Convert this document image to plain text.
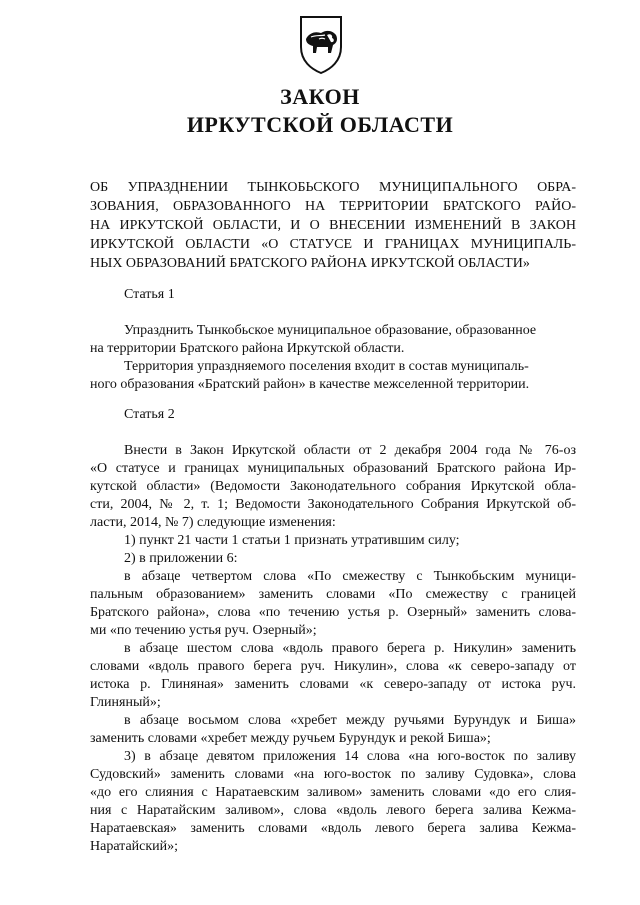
ЗАКОН
ИРКУТСКОЙ ОБЛАСТИ
ОБ УПРАЗДНЕНИИ ТЫНКОБЬСКОГО МУНИЦИПАЛЬНОГО ОБРА-
ЗОВАНИЯ, ОБРАЗОВАННОГО НА ТЕРРИТОРИИ БРАТСКОГО РАЙО-
НА ИРКУТСКОЙ ОБЛАСТИ, И О ВНЕСЕНИИ ИЗМЕНЕНИЙ В ЗАКОН
ИРКУТСКОЙ ОБЛАСТИ «О СТАТУСЕ И ГРАНИЦАХ МУНИЦИПАЛЬ-
НЫХ ОБРАЗОВАНИЙ БРАТСКОГО РАЙОНА ИРКУТСКОЙ ОБЛАСТИ»
Статья 1
Упразднить Тынкобьское муниципальное образование, образованное
на территории Братского района Иркутской области.
Территория упраздняемого поселения входит в состав муниципаль-
ного образования «Братский район» в качестве межселенной территории.
Статья 2
Внести в Закон Иркутской области от 2 декабря 2004 года № 76-оз
«О статусе и границах муниципальных образований Братского района Ир-
кутской области» (Ведомости Законодательного собрания Иркутской обла-
сти, 2004, № 2, т. 1; Ведомости Законодательного Собрания Иркутской об-
ласти, 2014, № 7) следующие изменения:
1) пункт 21 части 1 статьи 1 признать утратившим силу;
2) в приложении 6:
в абзаце четвертом слова «По смежеству с Тынкобьским муници-
пальным образованием» заменить словами «По смежеству с границей
Братского района», слова «по течению устья р. Озерный» заменить слова-
ми «по течению устья руч. Озерный»;
в абзаце шестом слова «вдоль правого берега р. Никулин» заменить
словами «вдоль правого берега руч. Никулин», слова «к северо-западу от
истока р. Глиняная» заменить словами «к северо-западу от истока руч.
Глиняный»;
в абзаце восьмом слова «хребет между ручьями Бурундук и Биша»
заменить словами «хребет между ручьем Бурундук и рекой Биша»;
3) в абзаце девятом приложения 14 слова «на юго-восток по заливу
Судовский» заменить словами «на юго-восток по заливу Судовка», слова
«до его слияния с Наратаевским заливом» заменить словами «до его слия-
ния с Наратайским заливом», слова «вдоль левого берега залива Кежма-
Наратаевская» заменить словами «вдоль левого берега залива Кежма-
Наратайский»;
